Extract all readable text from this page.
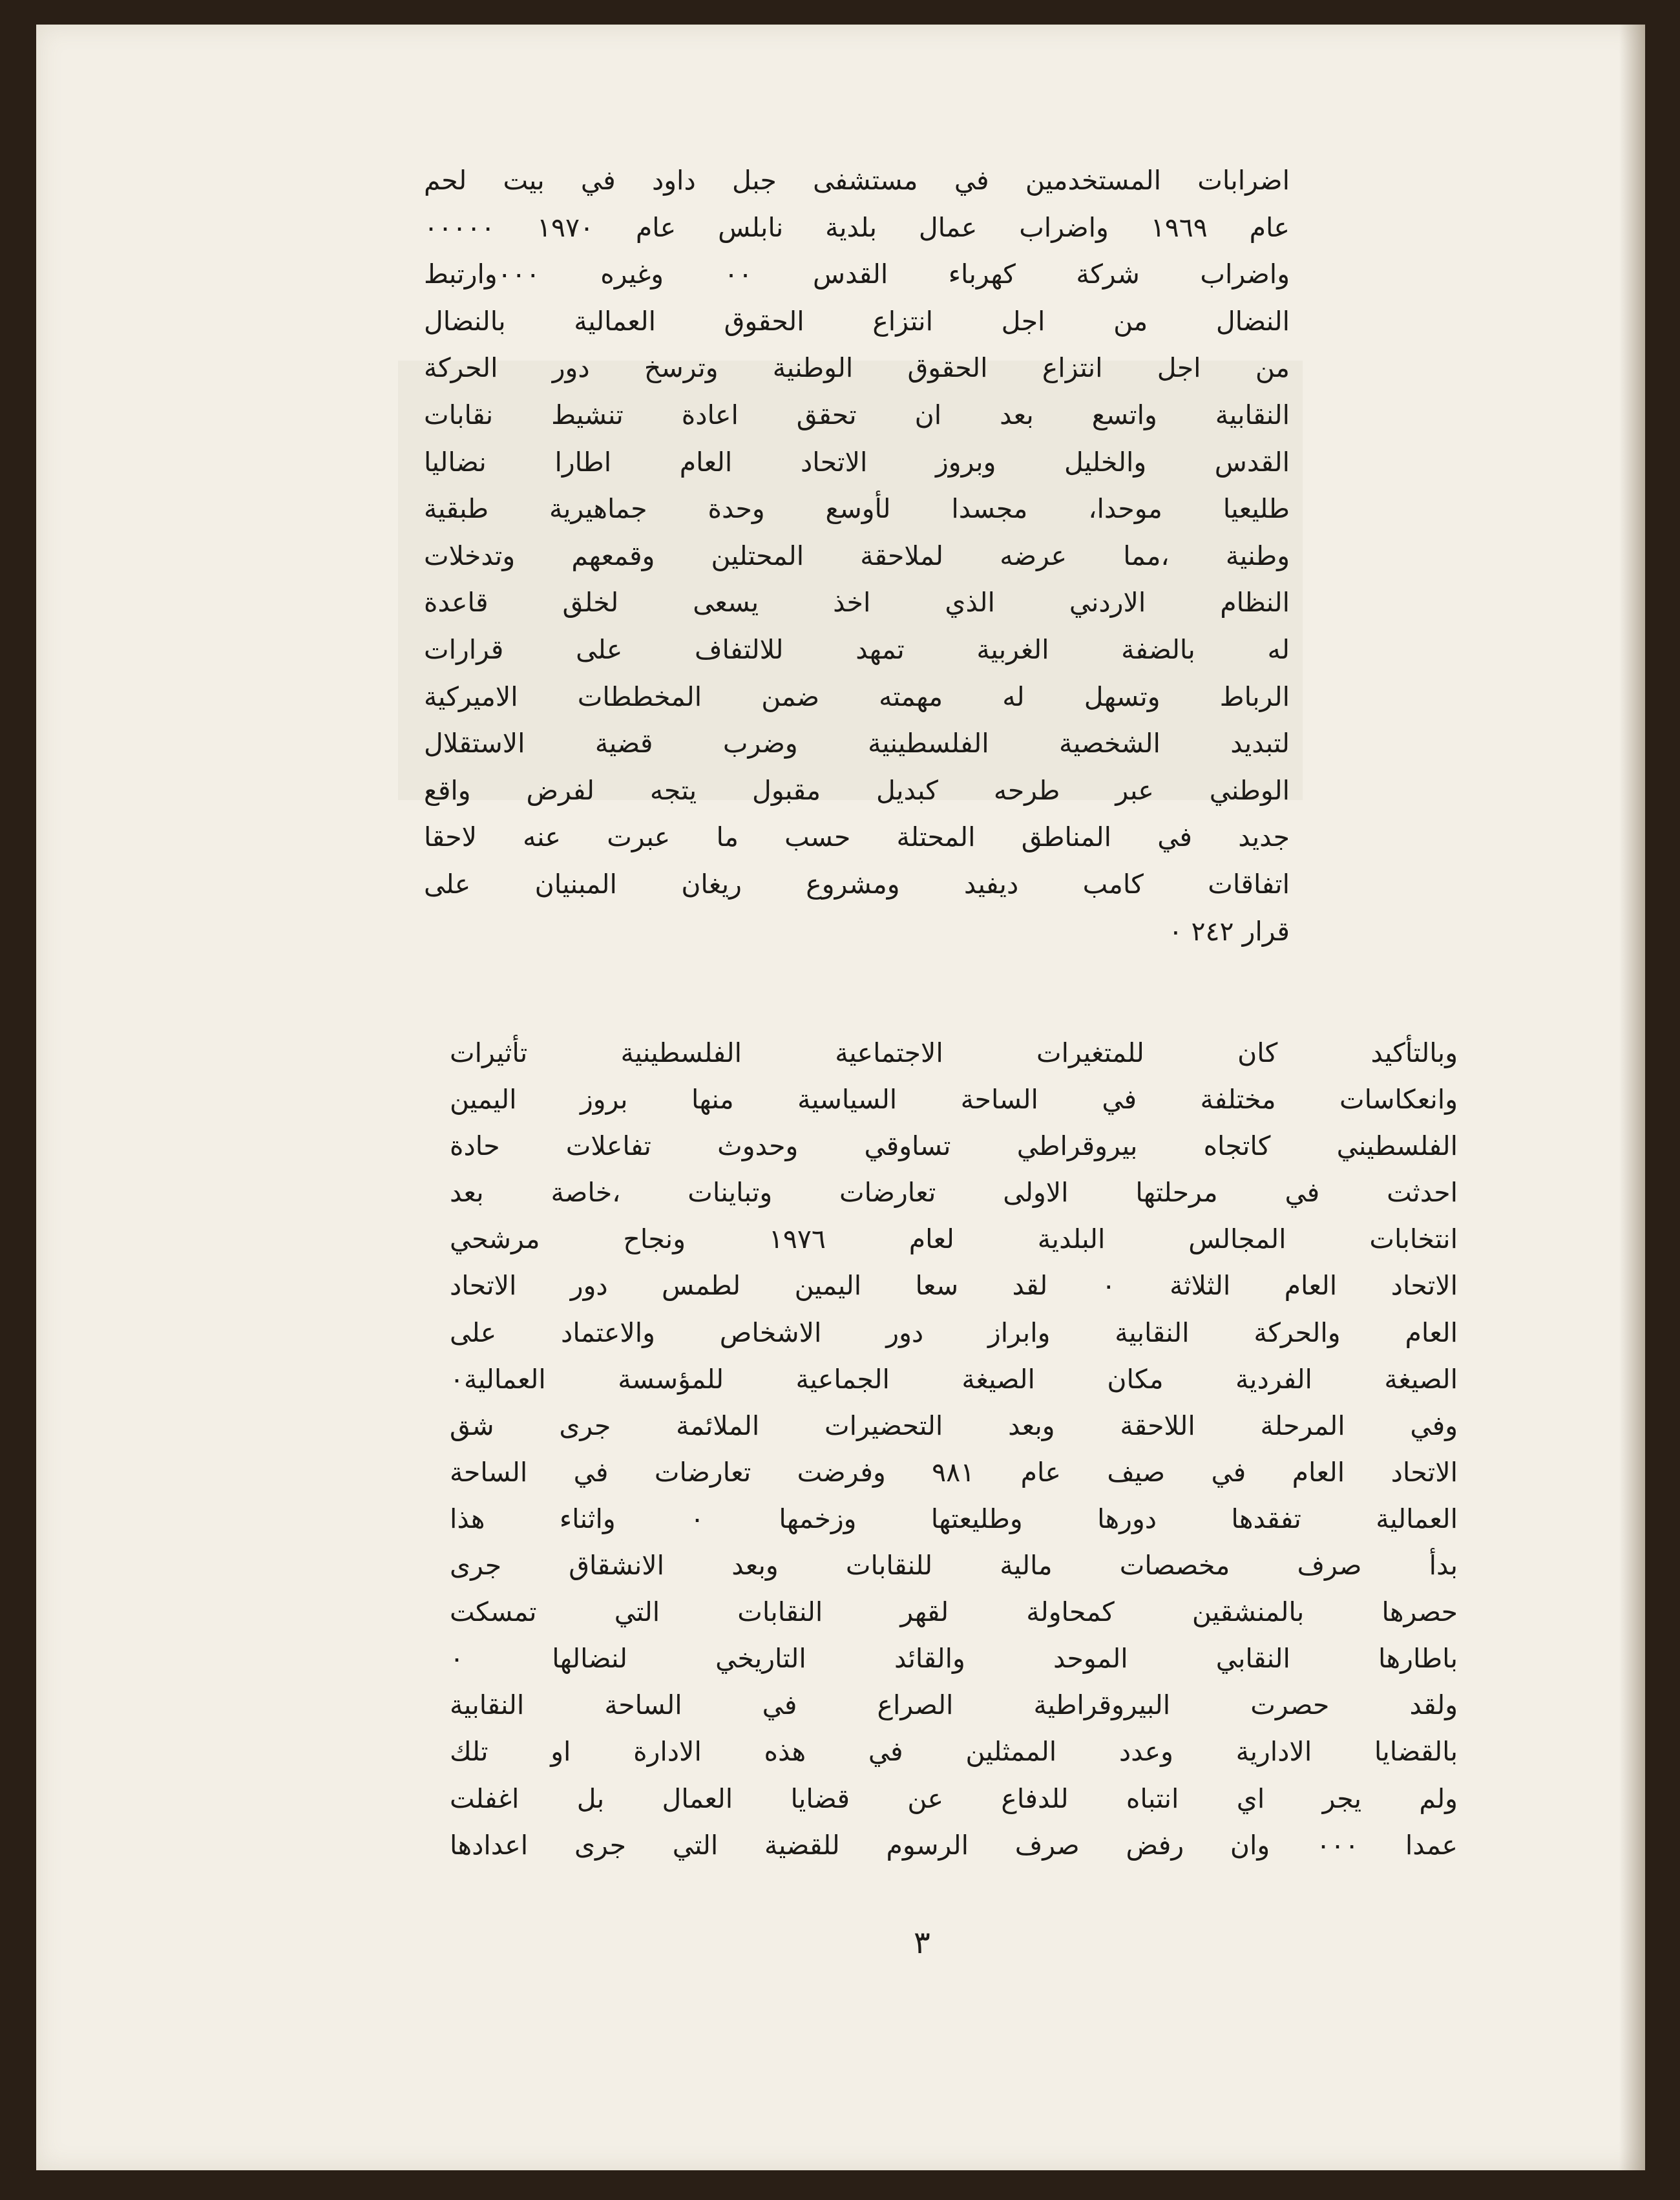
اضرابات المستخدمين في مستشفى جبل داود في بيت لحم
عام ١٩٦٩ واضراب عمال بلدية نابلس عام ١٩٧٠ ٠٠٠٠٠
واضراب شركة كهرباء القدس ٠٠ وغيره ٠٠٠وارتبط
النضال من اجل انتزاع الحقوق العمالية بالنضال
من اجل انتزاع الحقوق الوطنية وترسخ دور الحركة
النقابية واتسع بعد ان تحقق اعادة تنشيط نقابات
القدس والخليل وبروز الاتحاد العام اطارا نضاليا
طليعيا موحدا، مجسدا لأوسع وحدة جماهيرية طبقية
وطنية ،مما عرضه لملاحقة المحتلين وقمعهم وتدخلات
النظام الاردني الذي اخذ يسعى لخلق قاعدة
له بالضفة الغربية تمهد للالتفاف على قرارات
الرباط وتسهل له مهمته ضمن المخططات الاميركية
لتبديد الشخصية الفلسطينية وضرب قضية الاستقلال
الوطني عبر طرحه كبديل مقبول يتجه لفرض واقع
جديد في المناطق المحتلة حسب ما عبرت عنه لاحقا
اتفاقات كامب ديفيد ومشروع ريغان المبنيان على
قرار ٢٤٢ ٠
وبالتأكيد كان للمتغيرات الاجتماعية الفلسطينية تأثيرات
وانعكاسات مختلفة في الساحة السياسية منها بروز اليمين
الفلسطيني كاتجاه بيروقراطي تساوقي وحدوث تفاعلات حادة
احدثت في مرحلتها الاولى تعارضات وتباينات ،خاصة بعد
انتخابات المجالس البلدية لعام ١٩٧٦ ونجاح مرشحي
الاتحاد العام الثلاثة ٠ لقد سعا اليمين لطمس دور الاتحاد
العام والحركة النقابية وابراز دور الاشخاص والاعتماد على
الصيغة الفردية مكان الصيغة الجماعية للمؤسسة العمالية٠
وفي المرحلة اللاحقة وبعد التحضيرات الملائمة جرى شق
الاتحاد العام في صيف عام ٩٨١ وفرضت تعارضات في الساحة
العمالية تفقدها دورها وطليعتها وزخمها ٠ واثناء هذا
بدأ صرف مخصصات مالية للنقابات وبعد الانشقاق جرى
حصرها بالمنشقين كمحاولة لقهر النقابات التي تمسكت
باطارها النقابي الموحد والقائد التاريخي لنضالها ٠
ولقد حصرت البيروقراطية الصراع في الساحة النقابية
بالقضايا الادارية وعدد الممثلين في هذه الادارة او تلك
ولم يجر اي انتباه للدفاع عن قضايا العمال بل اغفلت
عمدا ٠٠٠ وان رفض صرف الرسوم للقضية التي جرى اعدادها
٣
